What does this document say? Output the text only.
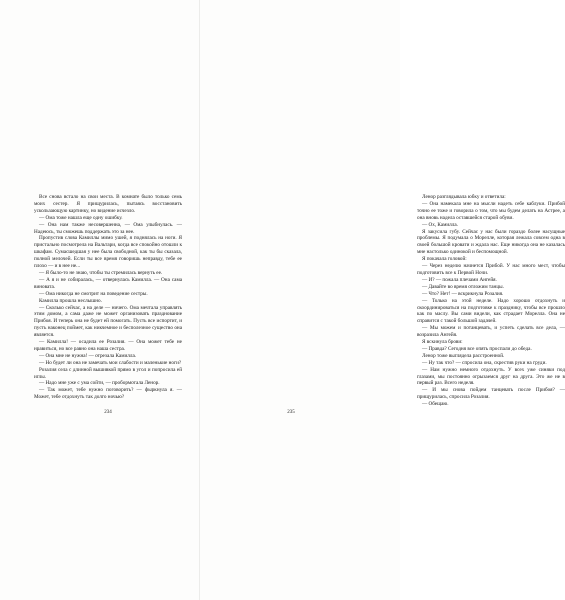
Все снова встало на свои места. В комнате было только семь моих сестер. Я прищурилась, пытаясь восстановить ускользающую картинку, но видение исчезло.

— Ома тоже нашла еще одну ошибку.

— Она нам также несовершенна, — Ома улыбнулась. — Надеюсь, ты сможешь поддержать это за нее.

Пропустив слова Камиллы мимо ушей, я поднялась на ноги. Я пристально посмотрела на Вальтари, когда все спокойно отошли к шкафам. Сумасшедшая у нее была свободной, как ты бы сказала, полной мелочей. Если ты все время говоришь неправду, тебе ее плохо — и в нее не...

— Я было-то не знаю, чтобы ты стремилась вернуть ее.

— А я и не собиралась, — отвернулась Камилла. — Она сама виновата.

— Ома никогда не смотрит на поведение сестры.

Камилла прошла неслышно.

— Сколько сейчас, а на деле — ничего. Ома мечтала управлять этим домом, а сама даже не может организовать празднование Прибоя. И теперь она не будет ей помогать. Пусть все испортит, и пусть наконец поймет, как никчемное и бесполезное существо она является.

— Камилла! — осадила ее Розалия. — Она может тебе не нравиться, но все равно она наша сестра.

— Она мне не нужна! — отрезала Камилла.

— Но будет ли она не замечать мои слабости и маленькие ноги?

Розалия села с длинной вышивкой прямо в угол и попросила ей иглы.

— Надо мне уже с ума сойти, — пробормотала Ленор.

— Так может, тебе нужно поговорить? — фыркнула я. — Может, тебе отдохнуть так долго ночью?

234

Ленор разглядывала юбку и ответила:

— Она намекала мне на мысли надеть себе каблуки. Прибой точно ее тоже и говорила о том, что мы будем делать на Астрее, а она вновь надела оставшейся старой обуви.

— Ох, Камилла.

Я закусила губу. Сейчас у нас были гораздо более насущные проблемы. Я подумала о Морелле, которая лежала совсем одна в своей большой кровати и ждала нас. Еще никогда она не казалась мне настолько одинокой и беспомощной.

Я покачала головой:

— Через неделю начнется Прибой. У нас много мест, чтобы подготовить все к Первой Ночи.

— И? — пожала плечами Ангейя.

— Давайте во время отложим танцы.

— Что? Нет! — вскрикнула Розалия.

— Только на этой неделе. Надо хорошо отдохнуть и скоординироваться на подготовке к празднику, чтобы все прошло как по маслу. Вы сами видели, как страдает Морелла. Она не справится с такой большой задачей.

— Мы можем и потанцевать, и успеть сделать все дела, — возразила Ангейя.

Я вскинула брови:

— Правда? Сегодня все опять проспали до обеда.

Ленор тоже выглядела расстроенной.

— Ну так что? — спросила она, скрестив руки на груди.

— Нам нужно немного отдохнуть. У всех уже синяки под глазами, мы постоянно огрызаемся друг на друга. Это же не в первый раз. Всего неделя.

— И мы снова пойдем танцевать после Прибоя? — прищурилась, спросила Розалия.

— Обещаю.

235
